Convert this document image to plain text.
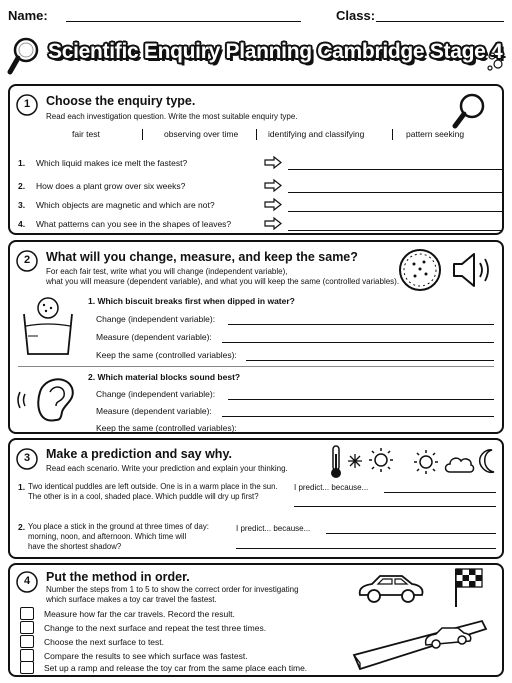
Name:	Class:
Scientific Enquiry Planning Cambridge Stage 4
1 Choose the enquiry type.
Read each investigation question. Write the most suitable enquiry type.
fair test	observing over time	identifying and classifying	pattern seeking
1. Which liquid makes ice melt the fastest?
2. How does a plant grow over six weeks?
3. Which objects are magnetic and which are not?
4. What patterns can you see in the shapes of leaves?
2 What will you change, measure, and keep the same?
For each fair test, write what you will change (independent variable),
what you will measure (dependent variable), and what you will keep the same (controlled variables).
1. Which biscuit breaks first when dipped in water?
Change (independent variable):
Measure (dependent variable):
Keep the same (controlled variables):
2. Which material blocks sound best?
Change (independent variable):
Measure (dependent variable):
Keep the same (controlled variables):
3 Make a prediction and say why.
Read each scenario. Write your prediction and explain your thinking.
1. Two identical puddles are left outside. One is in a warm place in the sun.

The other is in a cool, shaded place. Which puddle will dry up first?
I predict... because...
2. You place a stick in the ground at three times of day:
morning, noon, and afternoon. Which time will
have the shortest shadow?
I predict... because...
4 Put the method in order.
Number the steps from 1 to 5 to show the correct order for investigating
which surface makes a toy car travel the fastest.
Measure how far the car travels. Record the result.
Change to the next surface and repeat the test three times.
Choose the next surface to test.
Compare the results to see which surface was fastest.
Set up a ramp and release the toy car from the same place each time.
